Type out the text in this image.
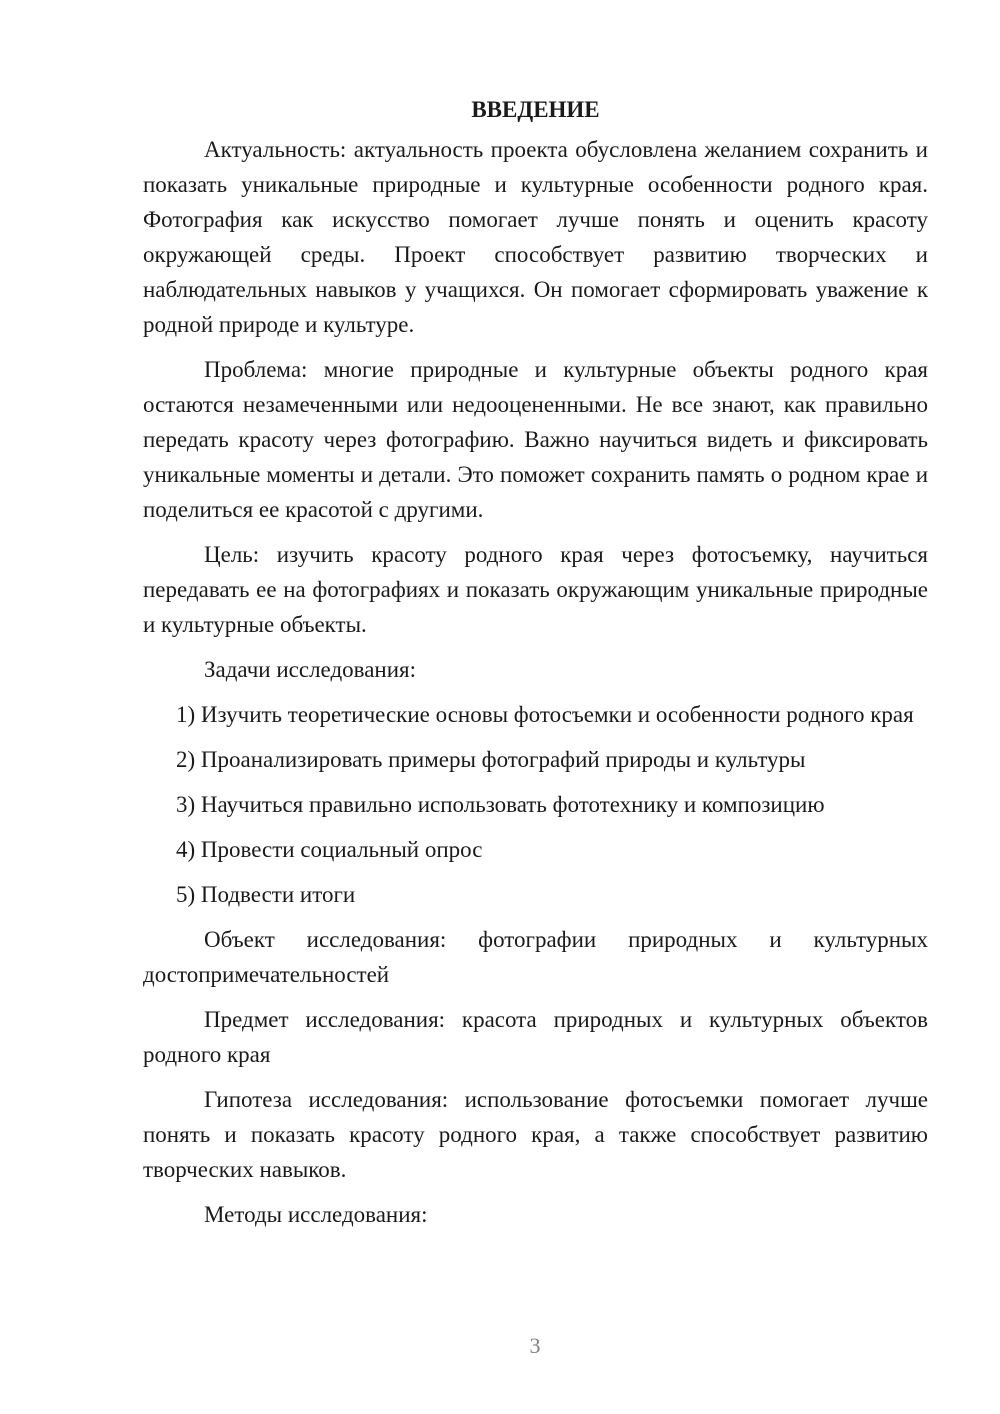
ВВЕДЕНИЕ

Актуальность: актуальность проекта обусловлена желанием сохранить и показать уникальные природные и культурные особенности родного края. Фотография как искусство помогает лучше понять и оценить красоту окружающей среды. Проект способствует развитию творческих и наблюдательных навыков у учащихся. Он помогает сформировать уважение к родной природе и культуре.

Проблема: многие природные и культурные объекты родного края остаются незамеченными или недооцененными. Не все знают, как правильно передать красоту через фотографию. Важно научиться видеть и фиксировать уникальные моменты и детали. Это поможет сохранить память о родном крае и поделиться ее красотой с другими.

Цель: изучить красоту родного края через фотосъемку, научиться передавать ее на фотографиях и показать окружающим уникальные природные и культурные объекты.

Задачи исследования:

1) Изучить теоретические основы фотосъемки и особенности родного края

2) Проанализировать примеры фотографий природы и культуры

3) Научиться правильно использовать фототехнику и композицию

4) Провести социальный опрос

5) Подвести итоги

Объект исследования: фотографии природных и культурных достопримечательностей

Предмет исследования: красота природных и культурных объектов родного края

Гипотеза исследования: использование фотосъемки помогает лучше понять и показать красоту родного края, а также способствует развитию творческих навыков.

Методы исследования:

3
